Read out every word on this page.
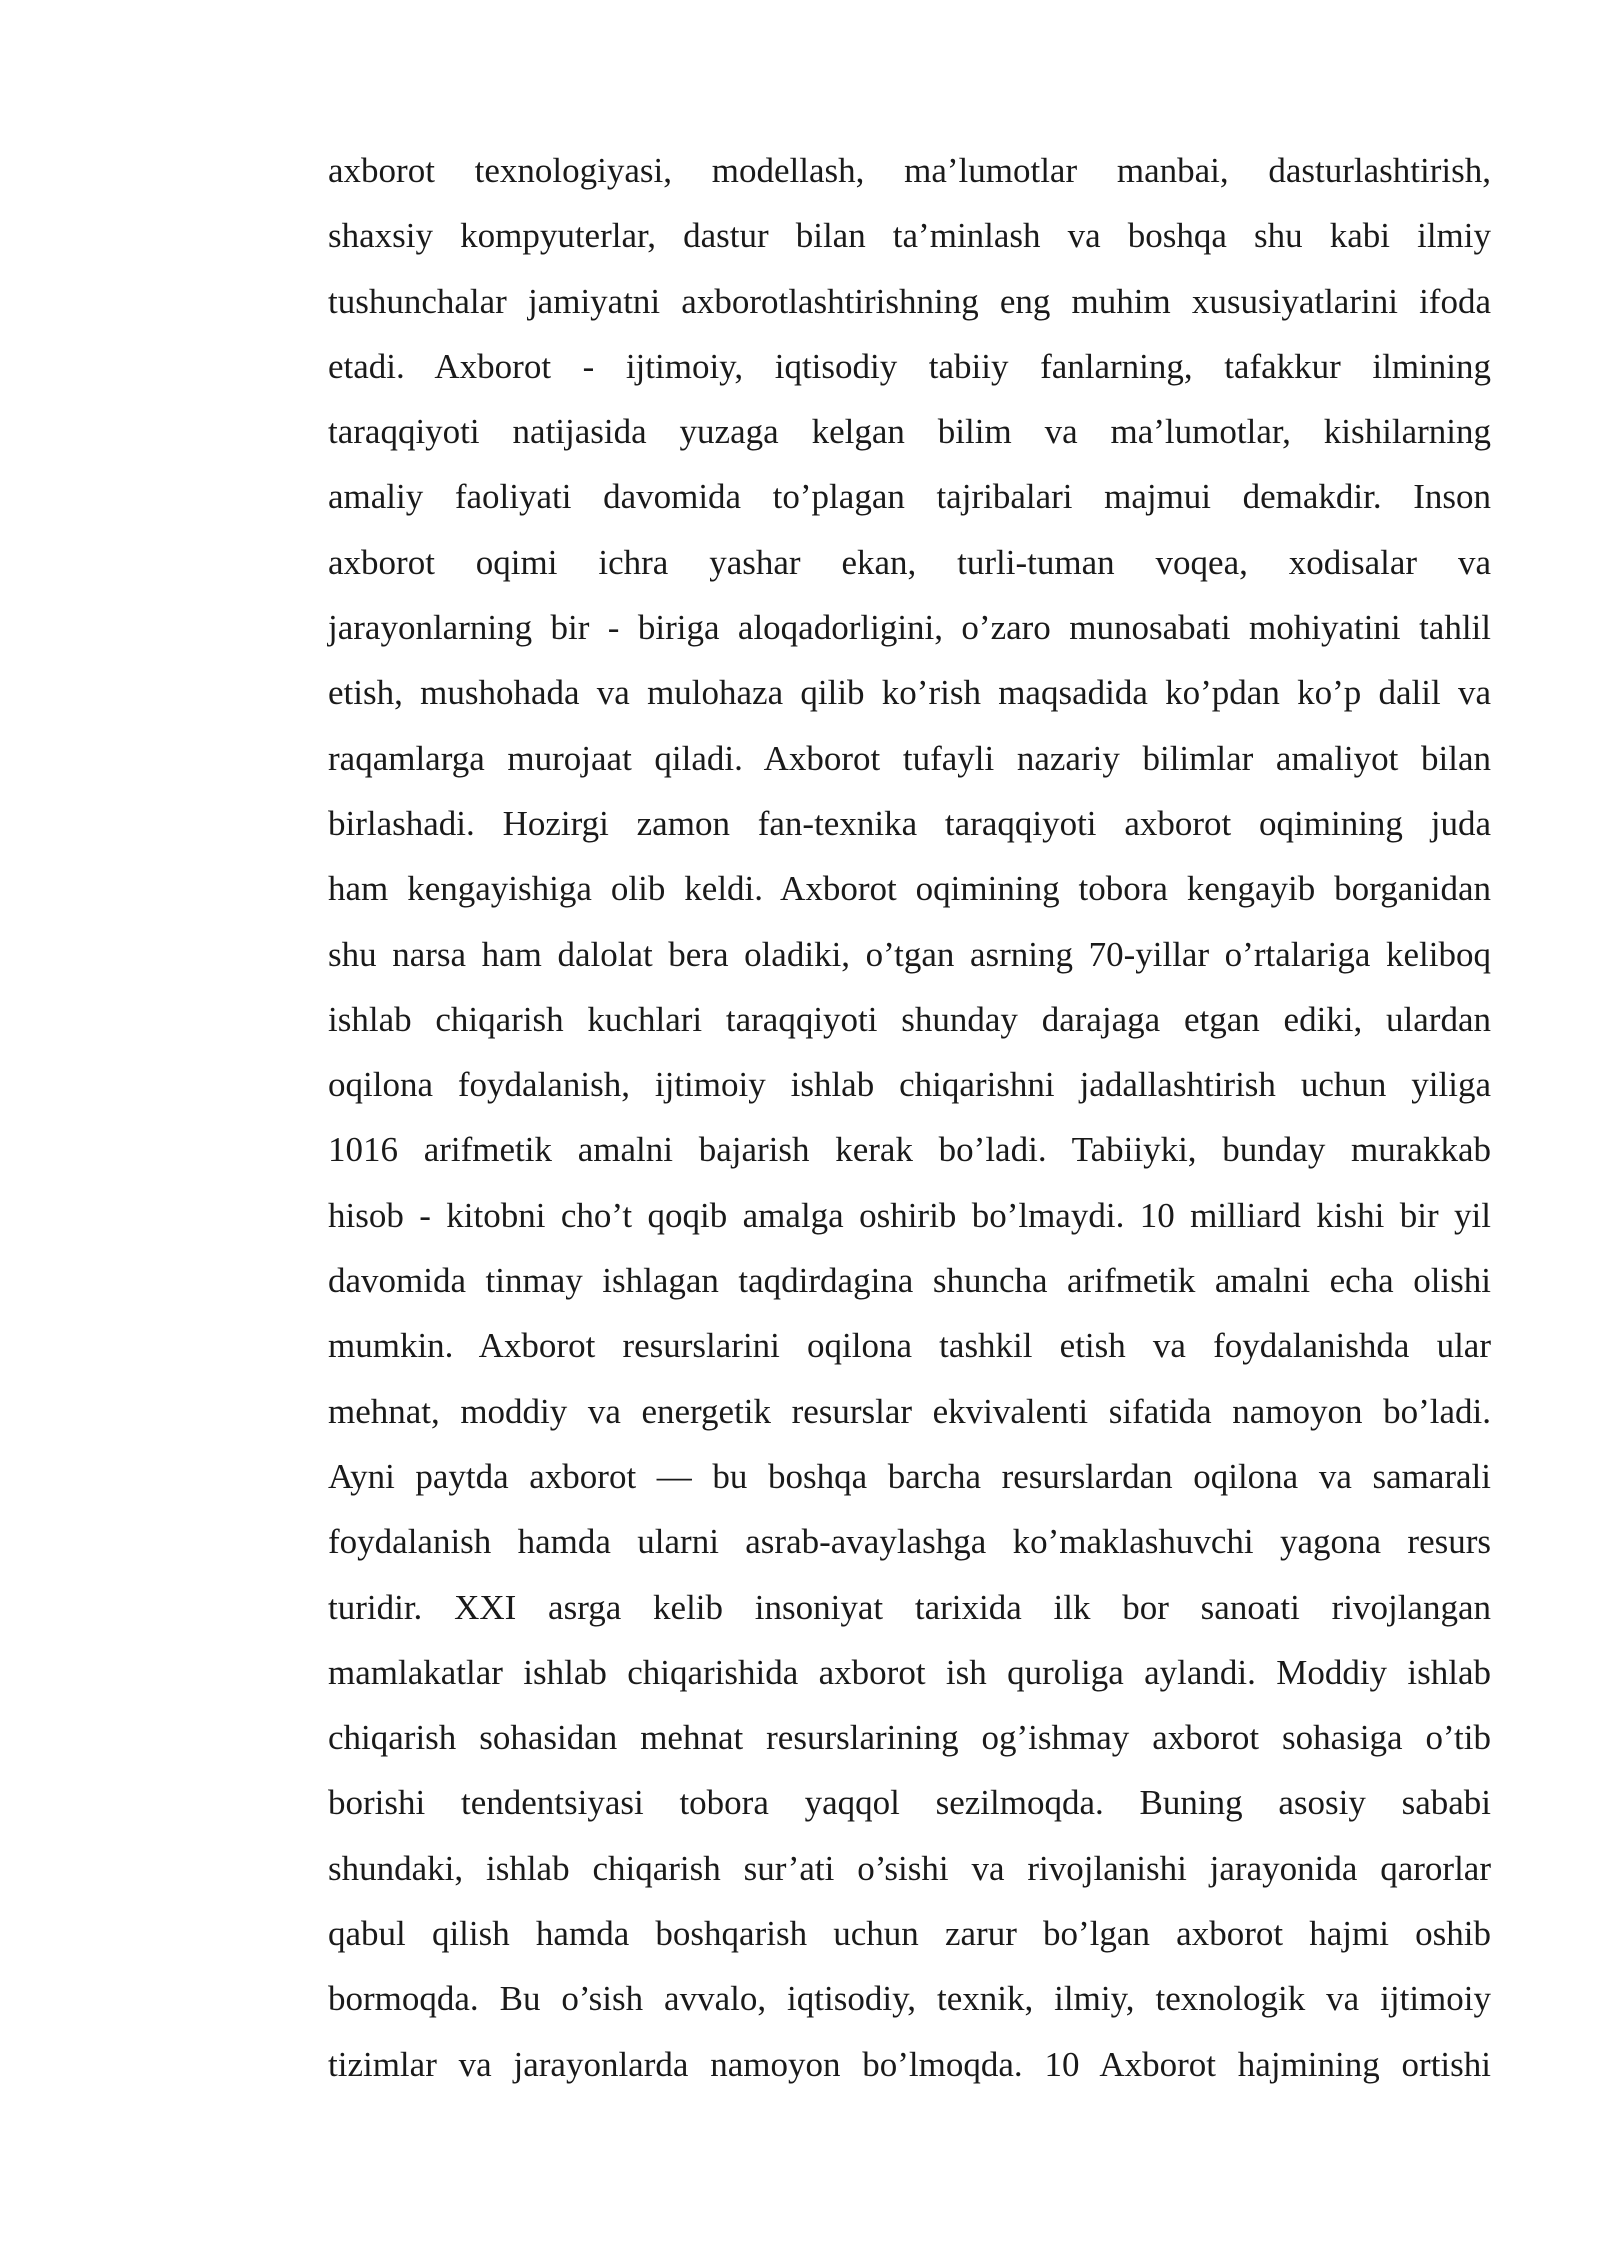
axborot texnologiyasi, modellash, ma’lumotlar manbai, dasturlashtirish,
shaxsiy kompyuterlar, dastur bilan ta’minlash va boshqa shu kabi ilmiy
tushunchalar jamiyatni axborotlashtirishning eng muhim xususiyatlarini ifoda
etadi. Axborot - ijtimoiy, iqtisodiy tabiiy fanlarning, tafakkur ilmining
taraqqiyoti natijasida yuzaga kelgan bilim va ma’lumotlar, kishilarning
amaliy faoliyati davomida to’plagan tajribalari majmui demakdir. Inson
axborot oqimi ichra yashar ekan, turli-tuman voqea, xodisalar va
jarayonlarning bir - biriga aloqadorligini, o’zaro munosabati mohiyatini tahlil
etish, mushohada va mulohaza qilib ko’rish maqsadida ko’pdan ko’p dalil va
raqamlarga murojaat qiladi. Axborot tufayli nazariy bilimlar amaliyot bilan
birlashadi. Hozirgi zamon fan-texnika taraqqiyoti axborot oqimining juda
ham kengayishiga olib keldi. Axborot oqimining tobora kengayib borganidan
shu narsa ham dalolat bera oladiki, o’tgan asrning 70-yillar o’rtalariga keliboq
ishlab chiqarish kuchlari taraqqiyoti shunday darajaga etgan ediki, ulardan
oqilona foydalanish, ijtimoiy ishlab chiqarishni jadallashtirish uchun yiliga
1016 arifmetik amalni bajarish kerak bo’ladi. Tabiiyki, bunday murakkab
hisob - kitobni cho’t qoqib amalga oshirib bo’lmaydi. 10 milliard kishi bir yil
davomida tinmay ishlagan taqdirdagina shuncha arifmetik amalni echa olishi
mumkin. Axborot resurslarini oqilona tashkil etish va foydalanishda ular
mehnat, moddiy va energetik resurslar ekvivalenti sifatida namoyon bo’ladi.
Ayni paytda axborot — bu boshqa barcha resurslardan oqilona va samarali
foydalanish hamda ularni asrab-avaylashga ko’maklashuvchi yagona resurs
turidir. XXI asrga kelib insoniyat tarixida ilk bor sanoati rivojlangan
mamlakatlar ishlab chiqarishida axborot ish quroliga aylandi. Moddiy ishlab
chiqarish sohasidan mehnat resurslarining og’ishmay axborot sohasiga o’tib
borishi tendentsiyasi tobora yaqqol sezilmoqda. Buning asosiy sababi
shundaki, ishlab chiqarish sur’ati o’sishi va rivojlanishi jarayonida qarorlar
qabul qilish hamda boshqarish uchun zarur bo’lgan axborot hajmi oshib
bormoqda. Bu o’sish avvalo, iqtisodiy, texnik, ilmiy, texnologik va ijtimoiy
tizimlar va jarayonlarda namoyon bo’lmoqda. 10 Axborot hajmining ortishi
